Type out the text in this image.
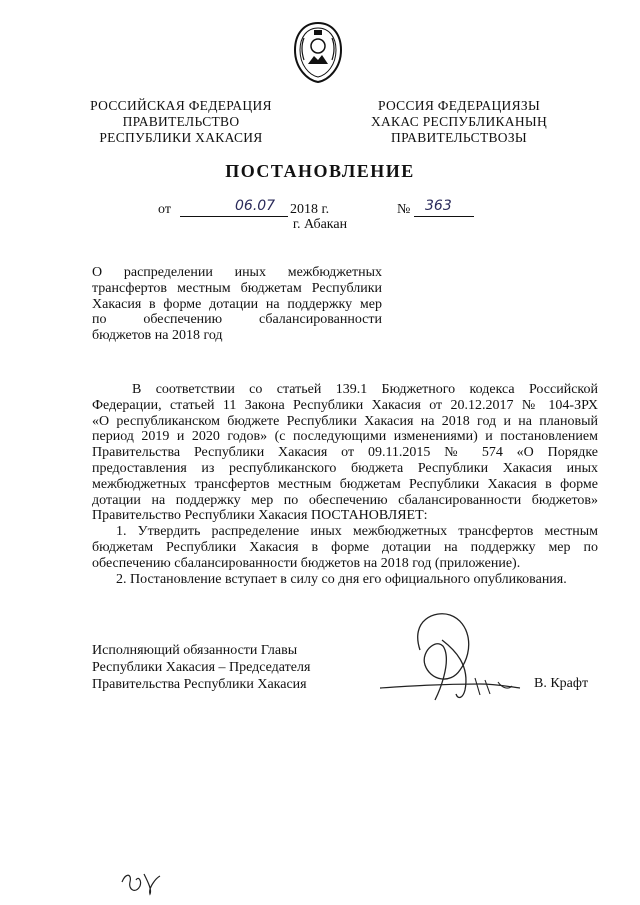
РОССИЙСКАЯ ФЕДЕРАЦИЯ
ПРАВИТЕЛЬСТВО
РЕСПУБЛИКИ ХАКАСИЯ
РОССИЯ ФЕДЕРАЦИЯЗЫ
ХАКАС РЕСПУБЛИКАНЫҢ
ПРАВИТЕЛЬСТВОЗЫ
ПОСТАНОВЛЕНИЕ
от	06.07 2018 г.	№ 363
г. Абакан
О распределении иных межбюджетных
трансфертов местным бюджетам Республики
Хакасия в форме дотации на поддержку мер
по обеспечению сбалансированности
бюджетов на 2018 год
В соответствии со статьей 139.1 Бюджетного кодекса Российской
Федерации, статьей 11 Закона Республики Хакасия от 20.12.2017 № 104-ЗРХ
«О республиканском бюджете Республики Хакасия на 2018 год и на плановый
период 2019 и 2020 годов» (с последующими изменениями) и постановлением
Правительства Республики Хакасия от 09.11.2015 № 574 «О Порядке
предоставления из республиканского бюджета Республики Хакасия иных
межбюджетных трансфертов местным бюджетам Республики Хакасия в форме
дотации на поддержку мер по обеспечению сбалансированности бюджетов»
Правительство Республики Хакасия ПОСТАНОВЛЯЕТ:
1. Утвердить распределение иных межбюджетных трансфертов местным
бюджетам Республики Хакасия в форме дотации на поддержку мер по
обеспечению сбалансированности бюджетов на 2018 год (приложение).
2. Постановление вступает в силу со дня его официального опубликования.
Исполняющий обязанности Главы
Республики Хакасия – Председателя
Правительства Республики Хакасия	В. Крафт
